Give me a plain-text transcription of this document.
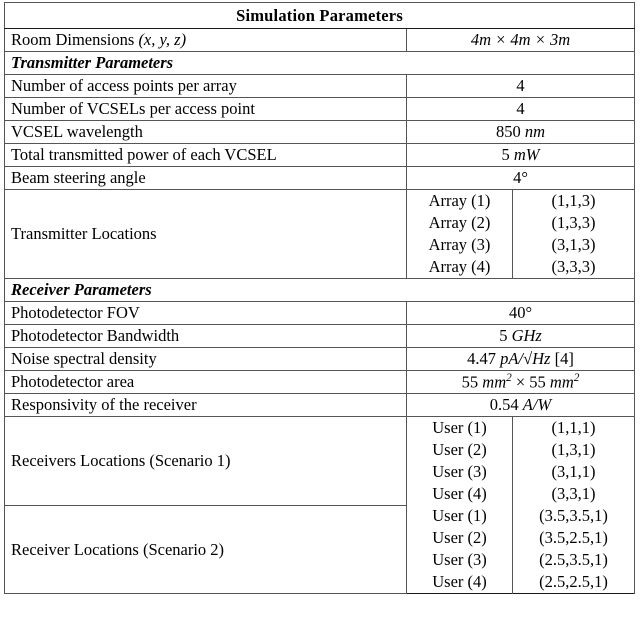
Simulation Parameters		
Room Dimensions (x, y, z)	4m × 4m × 3m	
Transmitter Parameters		
Number of access points per array	4	
Number of VCSELs per access point	4	
VCSEL wavelength	850 nm	
Total transmitted power of each VCSEL	5 mW	
Beam steering angle	4°	
Transmitter Locations	Array (1)	(1,1,3)
	Array (2)	(1,3,3)
	Array (3)	(3,1,3)
	Array (4)	(3,3,3)
Receiver Parameters		
Photodetector FOV	40°	
Photodetector Bandwidth	5 GHz	
Noise spectral density	4.47 pA/√Hz [4]	
Photodetector area	55 $mm^2 \times 55$ $mm^2$
Responsivity of the receiver	0.54 A/W	
Receivers Locations (Scenario 1)	User (1)	(1,1,1)
	User (2)	(1,3,1)
	User (3)	(3,1,1)
	User (4)	(3,3,1)
Receiver Locations (Scenario 2)	User (1)	(3.5,3.5,1)
	User (2)	(3.5,2.5,1)
	User (3)	(2.5,3.5,1)
	User (4)	(2.5,2.5,1)
